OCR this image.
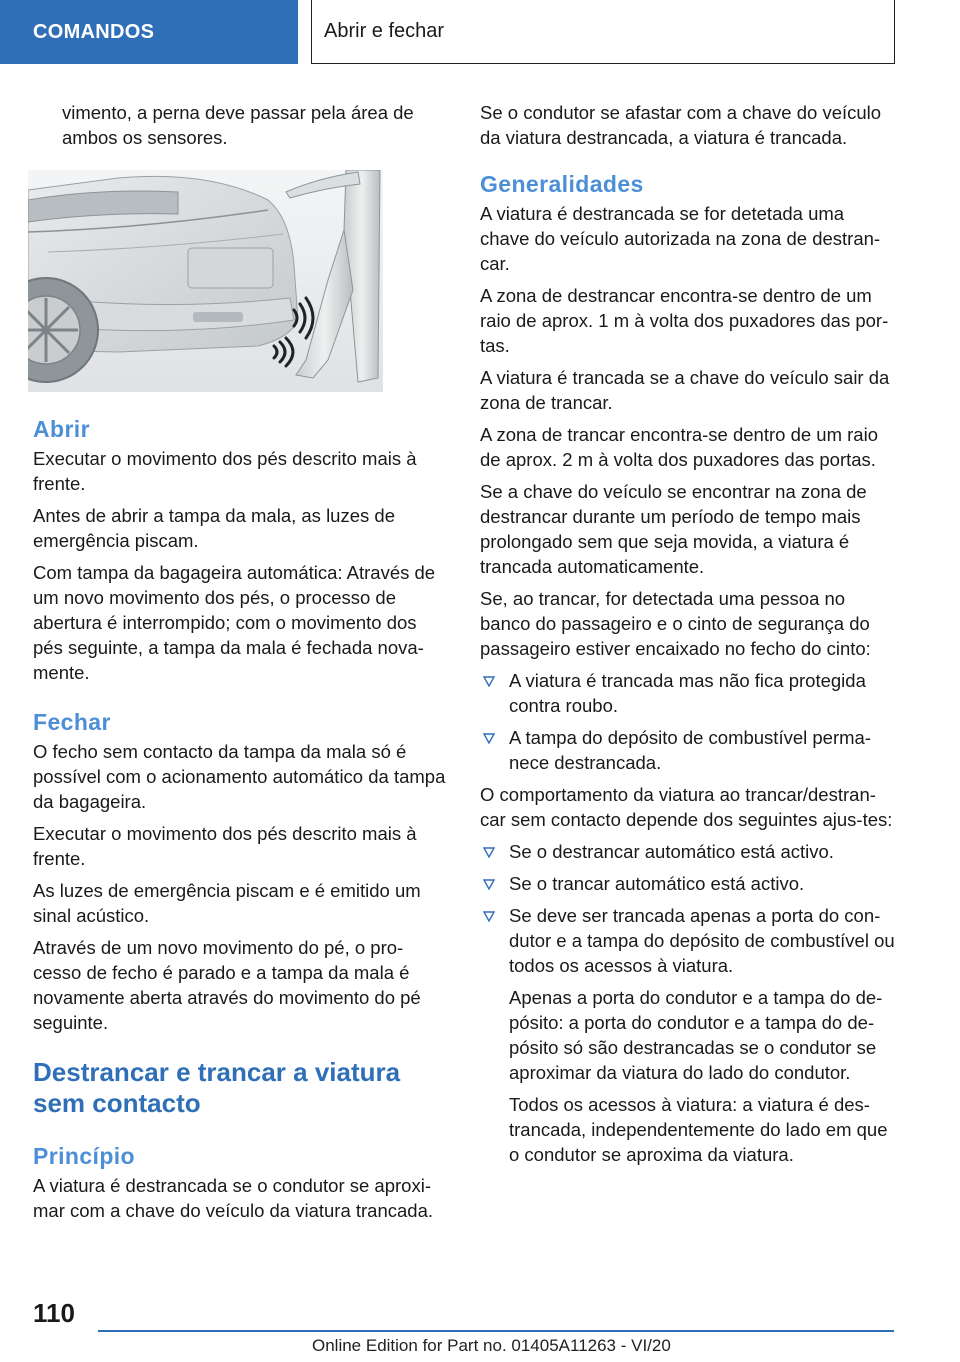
COMANDOS	Abrir e fechar

vimento, a perna deve passar pela área de ambos os sensores.

Abrir

Executar o movimento dos pés descrito mais à frente.

Antes de abrir a tampa da mala, as luzes de emergência piscam.

Com tampa da bagageira automática: Através de um novo movimento dos pés, o processo de abertura é interrompido; com o movimento dos pés seguinte, a tampa da mala é fechada nova-mente.

Fechar

O fecho sem contacto da tampa da mala só é possível com o acionamento automático da tampa da bagageira.

Executar o movimento dos pés descrito mais à frente.

As luzes de emergência piscam e é emitido um sinal acústico.

Através de um novo movimento do pé, o pro-cesso de fecho é parado e a tampa da mala é novamente aberta através do movimento do pé seguinte.

Destrancar e trancar a viatura sem contacto
Princípio

A viatura é destrancada se o condutor se aproxi-mar com a chave do veículo da viatura trancada.

Se o condutor se afastar com a chave do veículo da viatura destrancada, a viatura é trancada.

Generalidades

A viatura é destrancada se for detetada uma chave do veículo autorizada na zona de destran-car.

A zona de destrancar encontra-se dentro de um raio de aprox. 1 m à volta dos puxadores das por-tas.

A viatura é trancada se a chave do veículo sair da zona de trancar.

A zona de trancar encontra-se dentro de um raio de aprox. 2 m à volta dos puxadores das portas.

Se a chave do veículo se encontrar na zona de destrancar durante um período de tempo mais prolongado sem que seja movida, a viatura é trancada automaticamente.

Se, ao trancar, for detectada uma pessoa no banco do passageiro e o cinto de segurança do passageiro estiver encaixado no fecho do cinto:

A viatura é trancada mas não fica protegida contra roubo.
A tampa do depósito de combustível perma-nece destrancada.

O comportamento da viatura ao trancar/destran-car sem contacto depende dos seguintes ajus-tes:

Se o destrancar automático está activo.
Se o trancar automático está activo.
Se deve ser trancada apenas a porta do con-dutor e a tampa do depósito de combustível ou todos os acessos à viatura.

Apenas a porta do condutor e a tampa do de-pósito: a porta do condutor e a tampa do de-pósito só são destrancadas se o condutor se aproximar da viatura do lado do condutor.

Todos os acessos à viatura: a viatura é des-trancada, independentemente do lado em que o condutor se aproxima da viatura.

110
Online Edition for Part no. 01405A11263 - VI/20
